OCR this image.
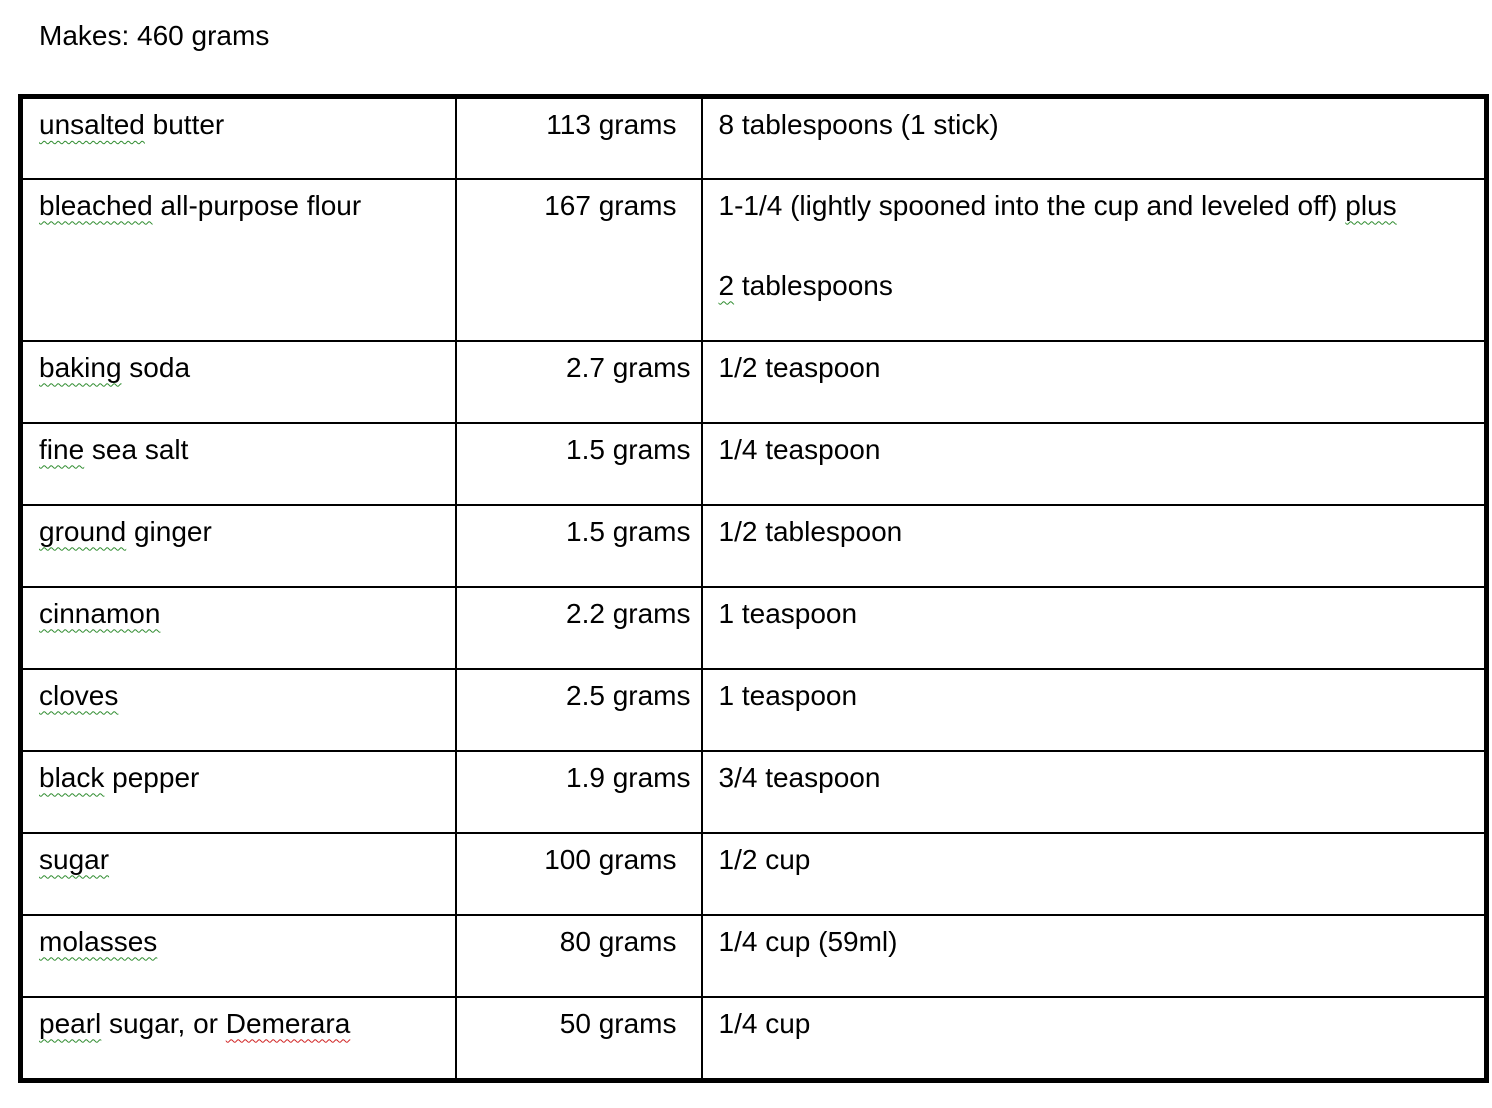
Makes: 460 grams
unsalted butter	113 grams	8 tablespoons (1 stick)
bleached all-purpose flour	167 grams	1-1/4 (lightly spooned into the cup and leveled off) plus
2 tablespoons

baking soda	2.7 grams	1/2 teaspoon
fine sea salt	1.5 grams	1/4 teaspoon
ground ginger	1.5 grams	1/2 tablespoon
cinnamon	2.2 grams	1 teaspoon
cloves	2.5 grams	1 teaspoon
black pepper	1.9 grams	3/4 teaspoon
sugar	100 grams	1/2 cup
molasses	80 grams	1/4 cup (59ml)
pearl sugar, or Demerara	50 grams	1/4 cup
